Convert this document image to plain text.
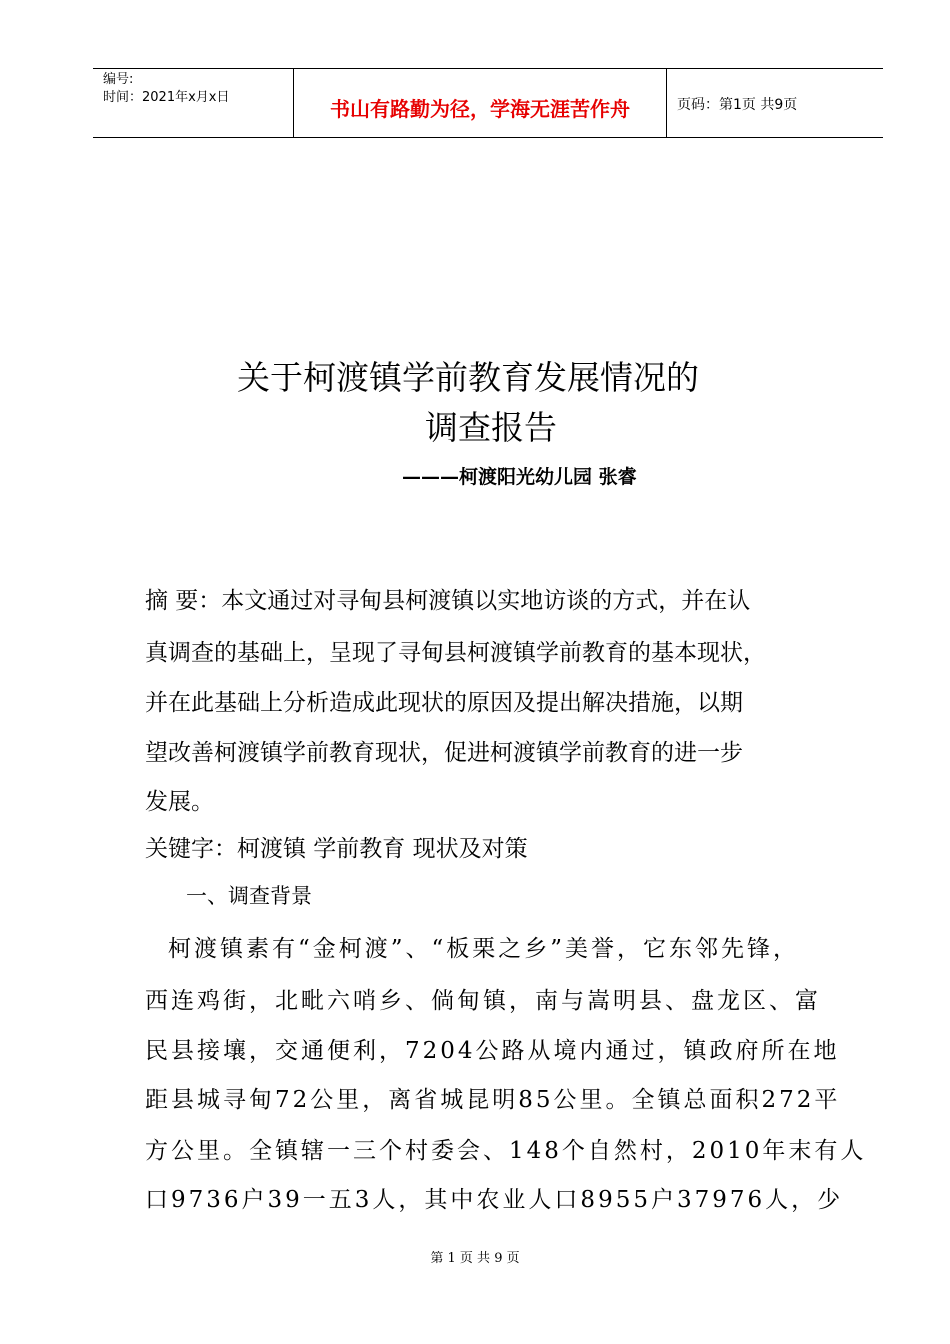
编号:
时间：2021年x月x日	书山有路勤为径，学海无涯苦作舟	页码：第1页 共9页
关于柯渡镇学前教育发展情况的
调查报告
———柯渡阳光幼儿园 张睿
摘 要：本文通过对寻甸县柯渡镇以实地访谈的方式，并在认
真调查的基础上，呈现了寻甸县柯渡镇学前教育的基本现状，
并在此基础上分析造成此现状的原因及提出解决措施，以期
望改善柯渡镇学前教育现状，促进柯渡镇学前教育的进一步
发展。
关键字：柯渡镇 学前教育 现状及对策
一、调查背景
柯渡镇素有“金柯渡”、“板栗之乡”美誉，它东邻先锋，
西连鸡街，北毗六哨乡、倘甸镇，南与嵩明县、盘龙区、富
民县接壤，交通便利，7204公路从境内通过，镇政府所在地
距县城寻甸72公里，离省城昆明85公里。全镇总面积272平
方公里。全镇辖一三个村委会、148个自然村，2010年末有人
口9736户39一五3人，其中农业人口8955户37976人，少
第 1 页 共 9 页
